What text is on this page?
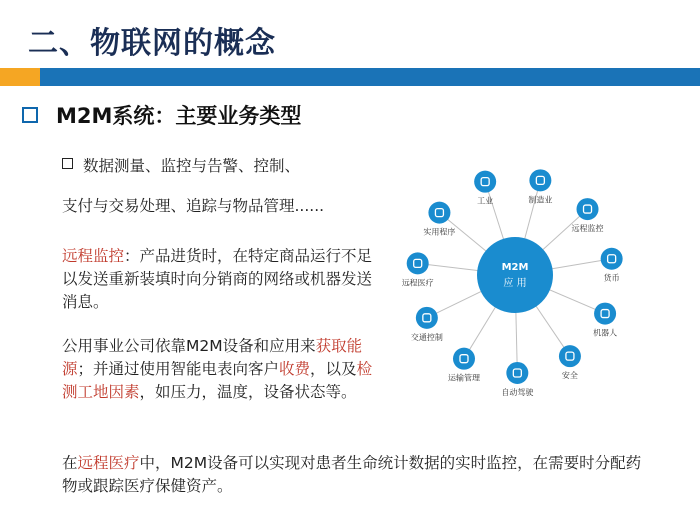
二、物联网的概念
M2M系统：主要业务类型
数据测量、监控与告警、控制、
支付与交易处理、追踪与物品管理......
远程监控：产品进货时，在特定商品运行不足以发送重新装填时向分销商的网络或机器发送消息。
公用事业公司依靠M2M设备和应用来获取能源；并通过使用智能电表向客户收费，以及检测工地因素，如压力，温度，设备状态等。
在远程医疗中，M2M设备可以实现对患者生命统计数据的实时监控，在需要时分配药物或跟踪医疗保健资产。
M2M
应 用
制造业
远程监控
货币
机器人
安全
自动驾驶
运输管理
交通控制
远程医疗
实用程序
工业
